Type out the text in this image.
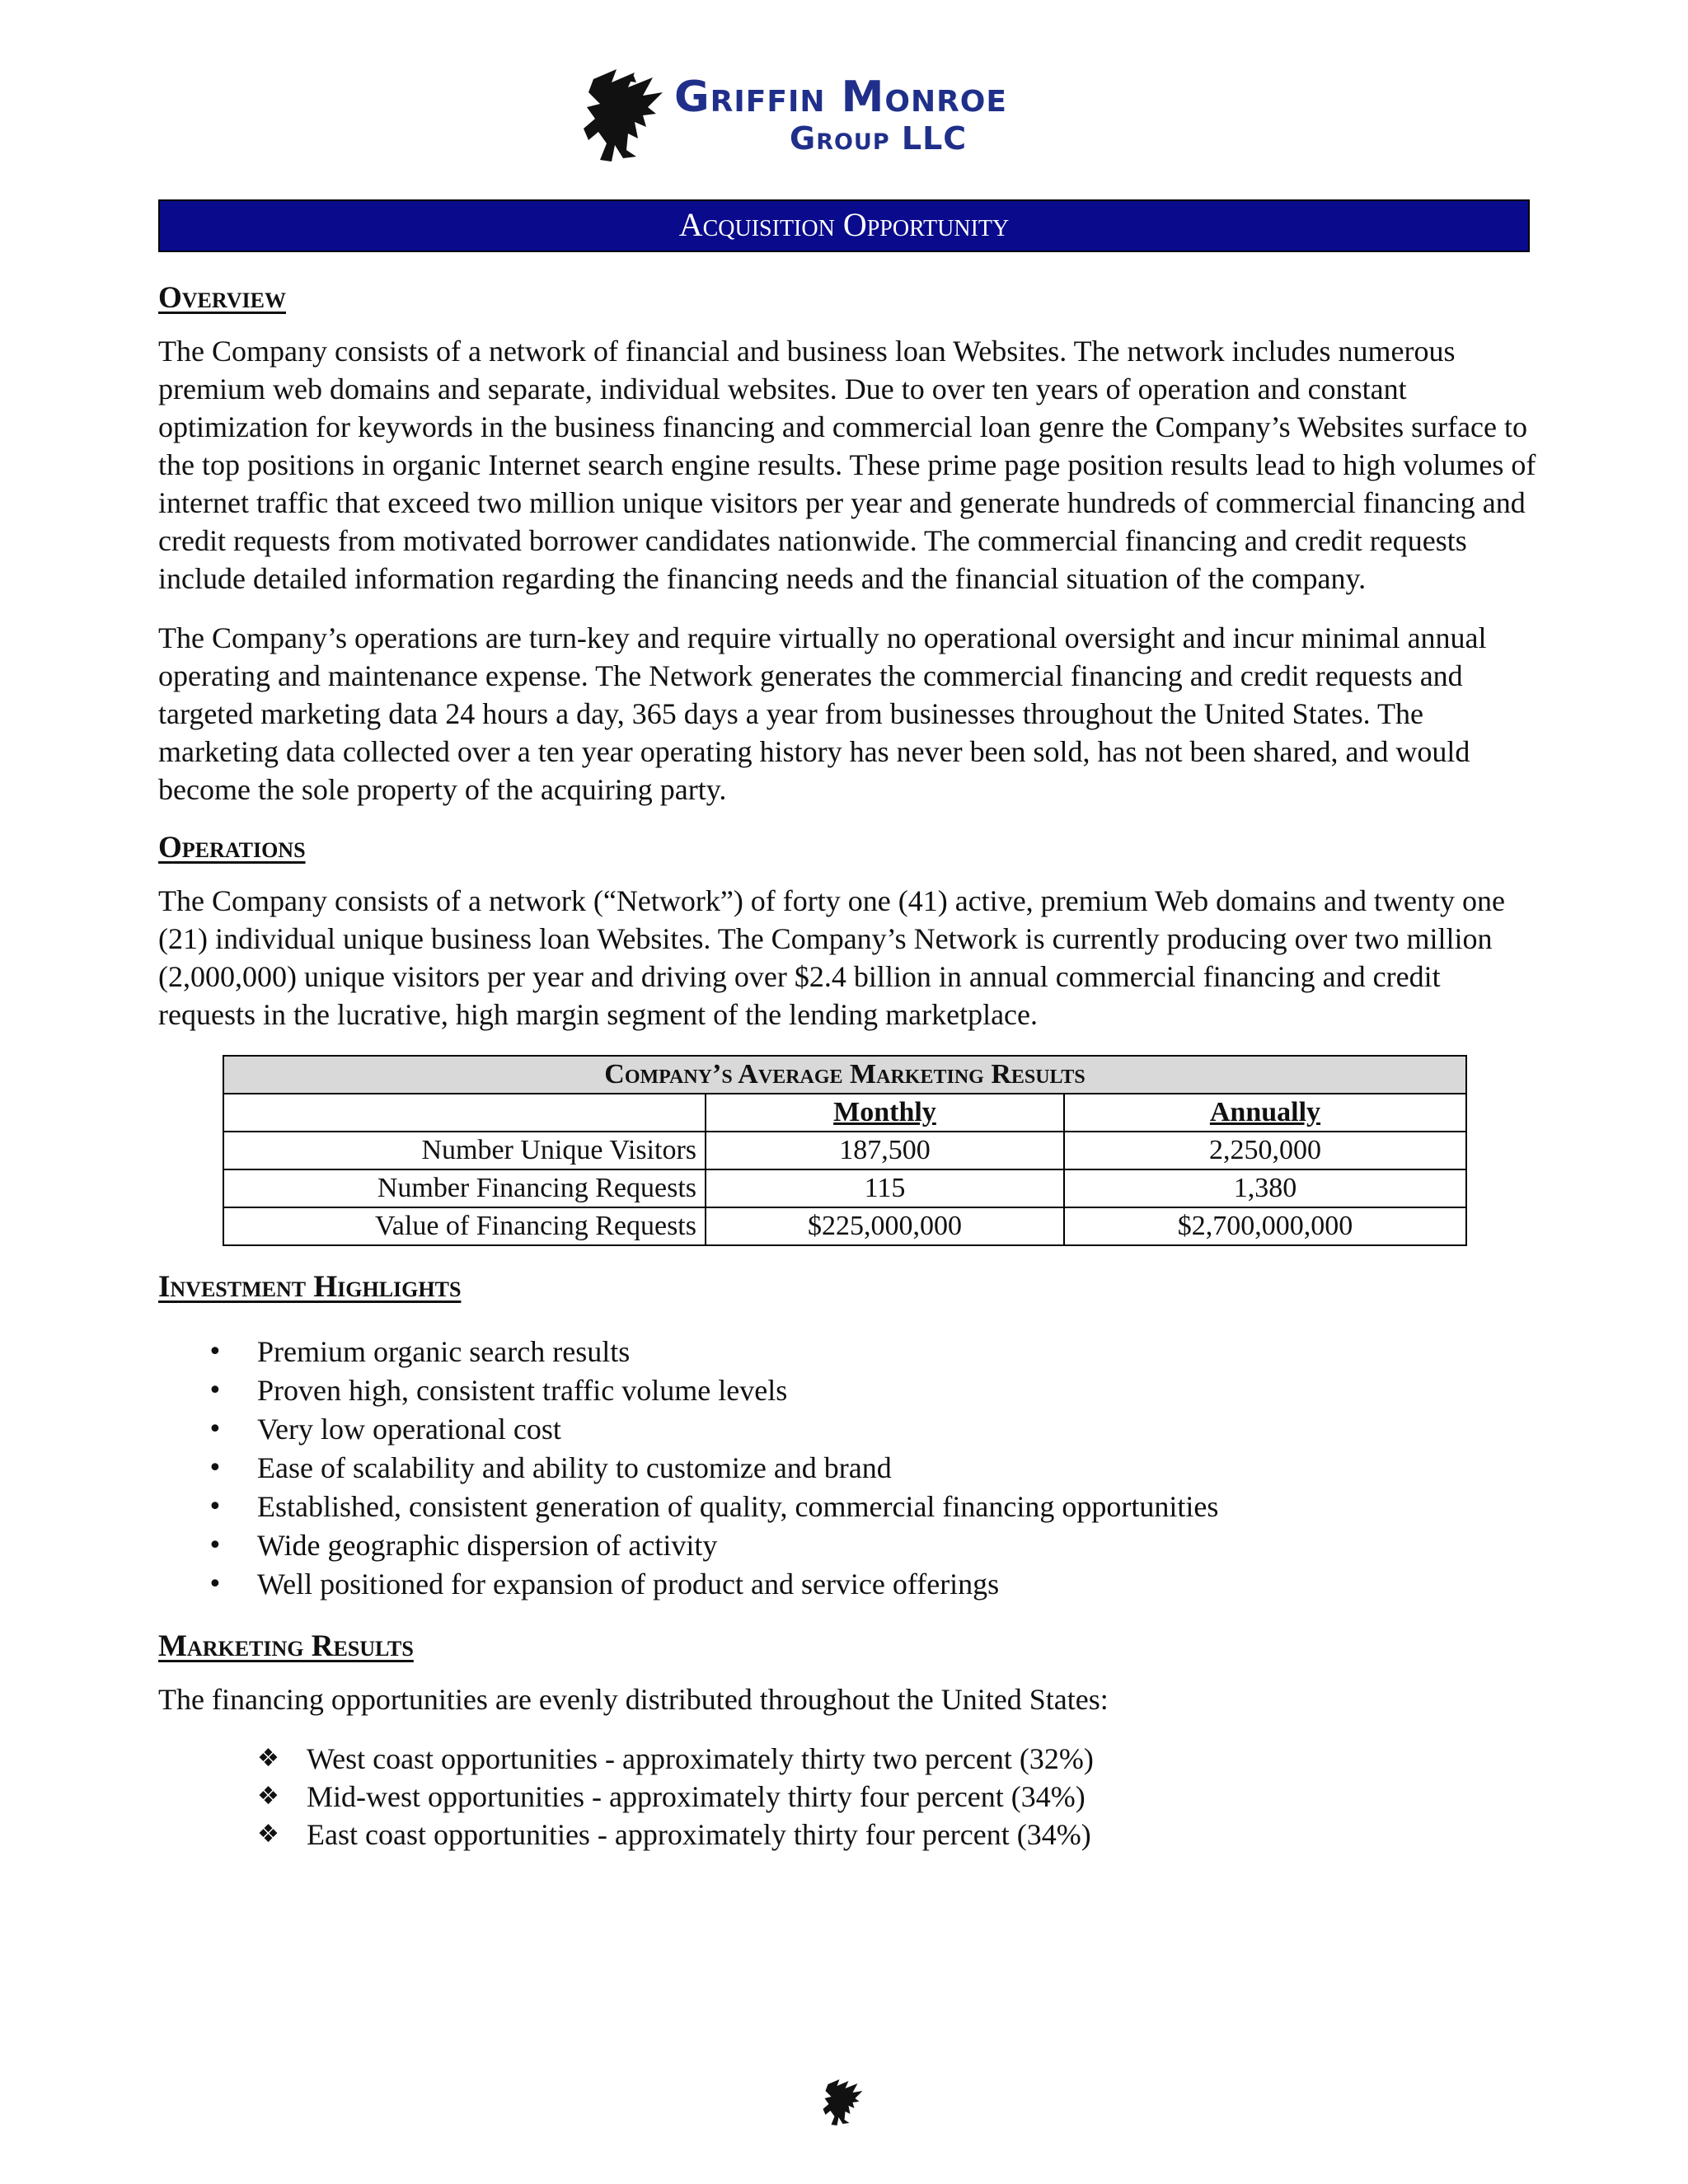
Griffin Monroe
Group LLC
Acquisition Opportunity
Overview

The Company consists of a network of financial and business loan Websites. The network includes numerous premium web domains and separate, individual websites. Due to over ten years of operation and constant optimization for keywords in the business financing and commercial loan genre the Company’s Websites surface to the top positions in organic Internet search engine results. These prime page position results lead to high volumes of internet traffic that exceed two million unique visitors per year and generate hundreds of commercial financing and credit requests from motivated borrower candidates nationwide. The commercial financing and credit requests include detailed information regarding the financing needs and the financial situation of the company.

The Company’s operations are turn-key and require virtually no operational oversight and incur minimal annual operating and maintenance expense. The Network generates the commercial financing and credit requests and targeted marketing data 24 hours a day, 365 days a year from businesses throughout the United States. The marketing data collected over a ten year operating history has never been sold, has not been shared, and would become the sole property of the acquiring party.

Operations

The Company consists of a network (“Network”) of forty one (41) active, premium Web domains and twenty one (21) individual unique business loan Websites. The Company’s Network is currently producing over two million (2,000,000) unique visitors per year and driving over $2.4 billion in annual commercial financing and credit requests in the lucrative, high margin segment of the lending marketplace.

Company’s Average Marketing Results		
	Monthly	Annually
Number Unique Visitors	187,500	2,250,000
Number Financing Requests	115	1,380
Value of Financing Requests	$225,000,000	$2,700,000,000
Investment Highlights
• Premium organic search results
• Proven high, consistent traffic volume levels
• Very low operational cost
• Ease of scalability and ability to customize and brand
• Established, consistent generation of quality, commercial financing opportunities
• Wide geographic dispersion of activity
• Well positioned for expansion of product and service offerings
Marketing Results

The financing opportunities are evenly distributed throughout the United States:

❖ West coast opportunities - approximately thirty two percent (32%)
❖ Mid-west opportunities - approximately thirty four percent (34%)
❖ East coast opportunities - approximately thirty four percent (34%)
